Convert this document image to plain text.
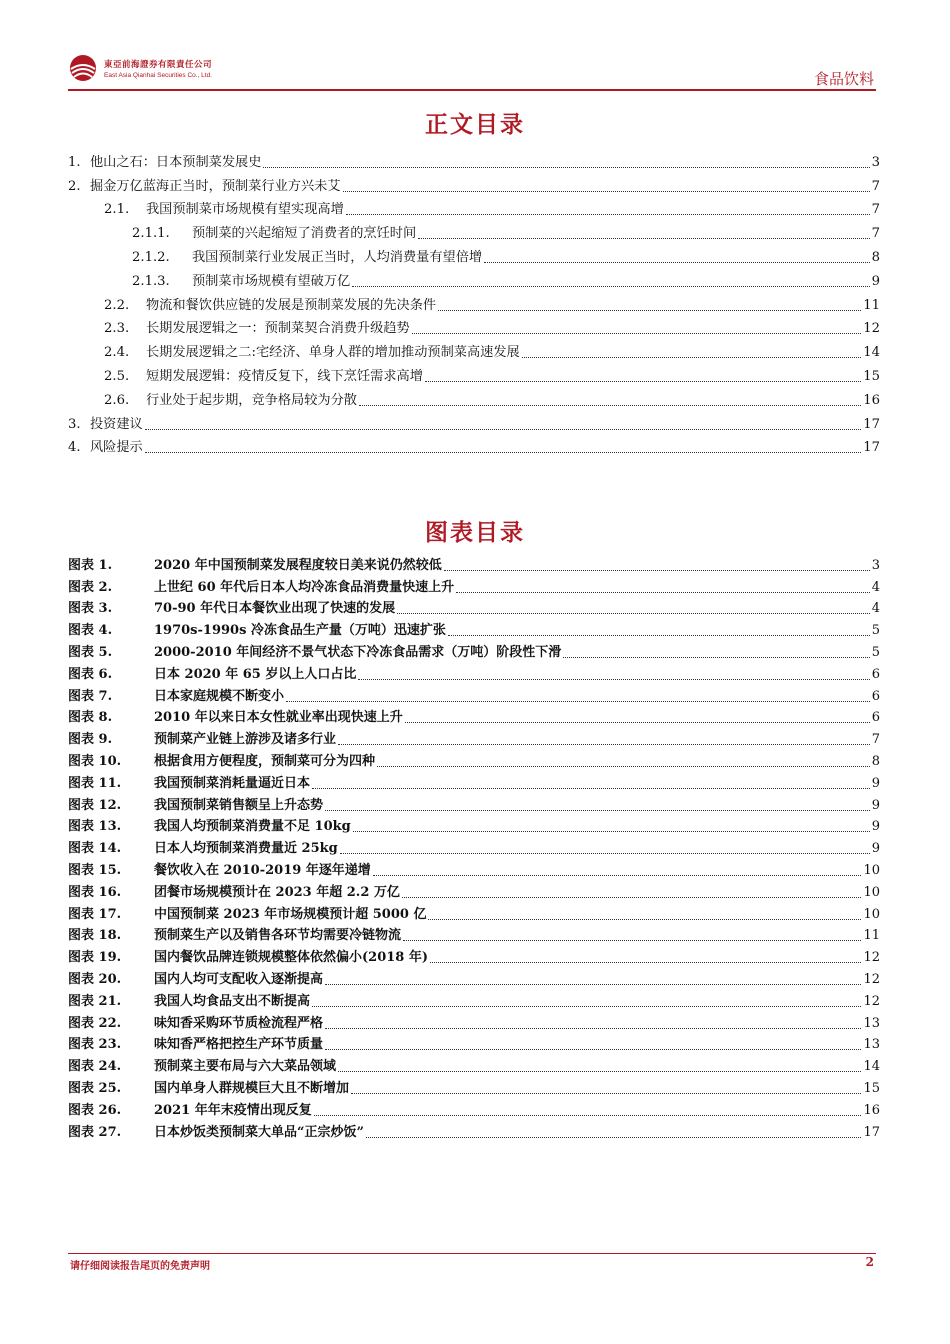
東亞前海證券有限責任公司
East Asia Qianhai Securities Co., Ltd.	食品饮料
正文目录
1. 他山之石：日本预制菜发展史	3
2. 掘金万亿蓝海正当时，预制菜行业方兴未艾	7
2.1. 我国预制菜市场规模有望实现高增	7
2.1.1. 预制菜的兴起缩短了消费者的烹饪时间	7
2.1.2. 我国预制菜行业发展正当时，人均消费量有望倍增	8
2.1.3. 预制菜市场规模有望破万亿	9
2.2. 物流和餐饮供应链的发展是预制菜发展的先决条件	11
2.3. 长期发展逻辑之一：预制菜契合消费升级趋势	12
2.4. 长期发展逻辑之二:宅经济、单身人群的增加推动预制菜高速发展	14
2.5. 短期发展逻辑：疫情反复下，线下烹饪需求高增	15
2.6. 行业处于起步期，竞争格局较为分散	16
3. 投资建议	17
4. 风险提示	17
图表目录
图表 1.	2020 年中国预制菜发展程度较日美来说仍然较低	3
图表 2.	上世纪 60 年代后日本人均冷冻食品消费量快速上升	4
图表 3.	70-90 年代日本餐饮业出现了快速的发展	4
图表 4.	1970s-1990s 冷冻食品生产量（万吨）迅速扩张	5
图表 5.	2000-2010 年间经济不景气状态下冷冻食品需求（万吨）阶段性下滑	5
图表 6.	日本 2020 年 65 岁以上人口占比	6
图表 7.	日本家庭规模不断变小	6
图表 8.	2010 年以来日本女性就业率出现快速上升	6
图表 9.	预制菜产业链上游涉及诸多行业	7
图表 10.	根据食用方便程度，预制菜可分为四种	8
图表 11.	我国预制菜消耗量逼近日本	9
图表 12.	我国预制菜销售额呈上升态势	9
图表 13.	我国人均预制菜消费量不足 10kg	9
图表 14.	日本人均预制菜消费量近 25kg	9
图表 15.	餐饮收入在 2010-2019 年逐年递增	10
图表 16.	团餐市场规模预计在 2023 年超 2.2 万亿	10
图表 17.	中国预制菜 2023 年市场规模预计超 5000 亿	10
图表 18.	预制菜生产以及销售各环节均需要冷链物流	11
图表 19.	国内餐饮品牌连锁规模整体依然偏小(2018 年)	12
图表 20.	国内人均可支配收入逐渐提高	12
图表 21.	我国人均食品支出不断提高	12
图表 22.	味知香采购环节质检流程严格	13
图表 23.	味知香严格把控生产环节质量	13
图表 24.	预制菜主要布局与六大菜品领域	14
图表 25.	国内单身人群规模巨大且不断增加	15
图表 26.	2021 年年末疫情出现反复	16
图表 27.	日本炒饭类预制菜大单品“正宗炒饭”	17
请仔细阅读报告尾页的免责声明	2
